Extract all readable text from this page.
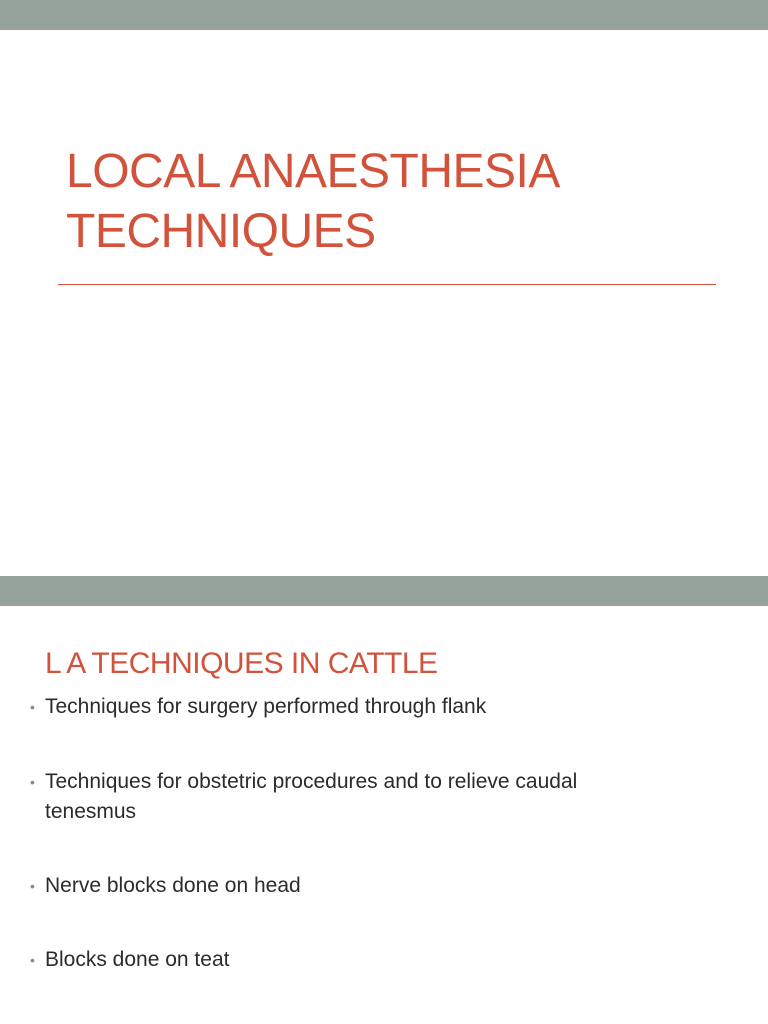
LOCAL ANAESTHESIA
TECHNIQUES
L A TECHNIQUES IN CATTLE
• Techniques for surgery performed through flank
• Techniques for obstetric procedures and to relieve caudal tenesmus
• Nerve blocks done on head
• Blocks done on teat
